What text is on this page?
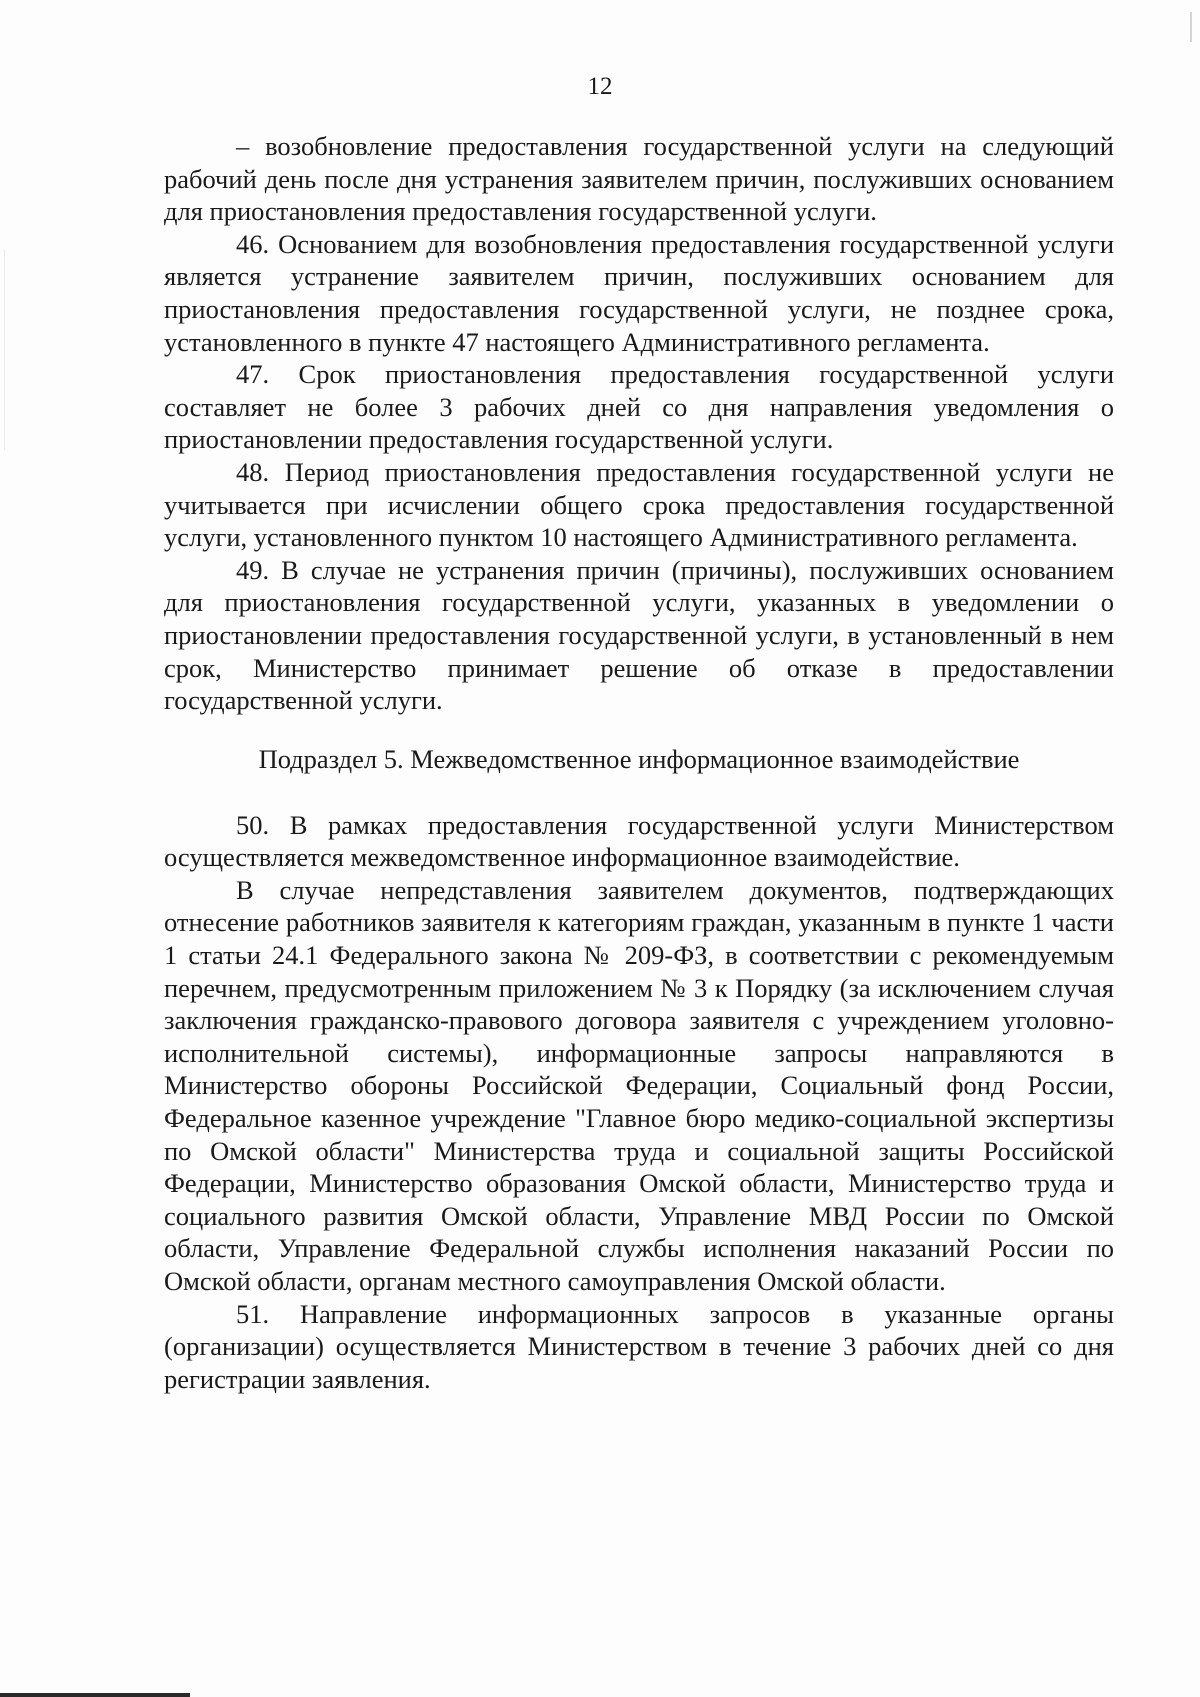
12

– возобновление предоставления государственной услуги на следующий рабочий день после дня устранения заявителем причин, послуживших основанием для приостановления предоставления государственной услуги.

46. Основанием для возобновления предоставления государственной услуги является устранение заявителем причин, послуживших основанием для приостановления предоставления государственной услуги, не позднее срока, установленного в пункте 47 настоящего Административного регламента.

47. Срок приостановления предоставления государственной услуги составляет не более 3 рабочих дней со дня направления уведомления о приостановлении предоставления государственной услуги.

48. Период приостановления предоставления государственной услуги не учитывается при исчислении общего срока предоставления государственной услуги, установленного пунктом 10 настоящего Административного регламента.

49. В случае не устранения причин (причины), послуживших основанием для приостановления государственной услуги, указанных в уведомлении о приостановлении предоставления государственной услуги, в установленный в нем срок, Министерство принимает решение об отказе в предоставлении государственной услуги.

Подраздел 5. Межведомственное информационное взаимодействие

50. В рамках предоставления государственной услуги Министерством осуществляется межведомственное информационное взаимодействие.

В случае непредставления заявителем документов, подтверждающих отнесение работников заявителя к категориям граждан, указанным в пункте 1 части 1 статьи 24.1 Федерального закона № 209-ФЗ, в соответствии с рекомендуемым перечнем, предусмотренным приложением № 3 к Порядку (за исключением случая заключения гражданско-правового договора заявителя с учреждением уголовно-исполнительной системы), информационные запросы направляются в Министерство обороны Российской Федерации, Социальный фонд России, Федеральное казенное учреждение "Главное бюро медико-социальной экспертизы по Омской области" Министерства труда и социальной защиты Российской Федерации, Министерство образования Омской области, Министерство труда и социального развития Омской области, Управление МВД России по Омской области, Управление Федеральной службы исполнения наказаний России по Омской области, органам местного самоуправления Омской области.

51. Направление информационных запросов в указанные органы (организации) осуществляется Министерством в течение 3 рабочих дней со дня регистрации заявления.
